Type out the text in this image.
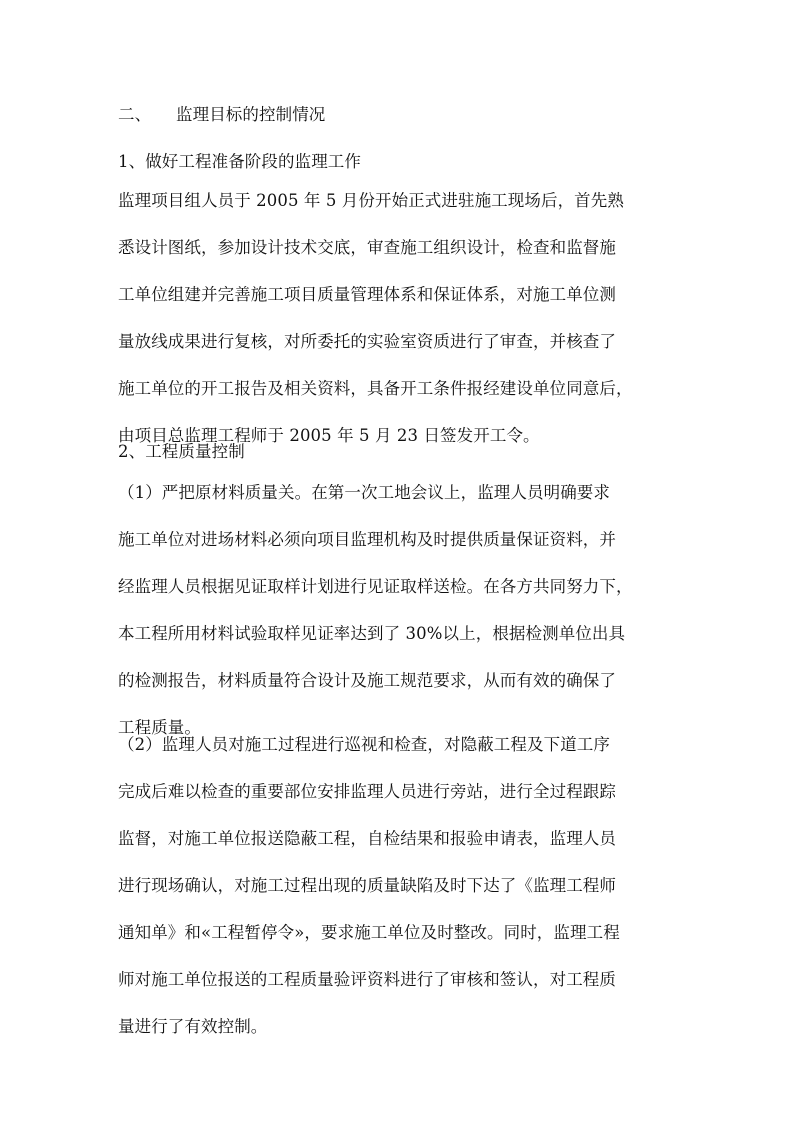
二、	监理目标的控制情况
1、做好工程准备阶段的监理工作
监理项目组人员于 2005 年 5 月份开始正式进驻施工现场后，首先熟
悉设计图纸，参加设计技术交底，审查施工组织设计，检查和监督施
工单位组建并完善施工项目质量管理体系和保证体系，对施工单位测
量放线成果进行复核，对所委托的实验室资质进行了审查，并核查了
施工单位的开工报告及相关资料，具备开工条件报经建设单位同意后，
由项目总监理工程师于 2005 年 5 月 23 日签发开工令。
2、工程质量控制
（1）严把原材料质量关。在第一次工地会议上，监理人员明确要求
施工单位对进场材料必须向项目监理机构及时提供质量保证资料，并
经监理人员根据见证取样计划进行见证取样送检。在各方共同努力下，
本工程所用材料试验取样见证率达到了 30%以上，根据检测单位出具
的检测报告，材料质量符合设计及施工规范要求，从而有效的确保了
工程质量。
（2）监理人员对施工过程进行巡视和检查，对隐蔽工程及下道工序
完成后难以检查的重要部位安排监理人员进行旁站，进行全过程跟踪
监督，对施工单位报送隐蔽工程，自检结果和报验申请表，监理人员
进行现场确认，对施工过程出现的质量缺陷及时下达了《监理工程师
通知单》和«工程暂停令»，要求施工单位及时整改。同时，监理工程
师对施工单位报送的工程质量验评资料进行了审核和签认，对工程质
量进行了有效控制。
